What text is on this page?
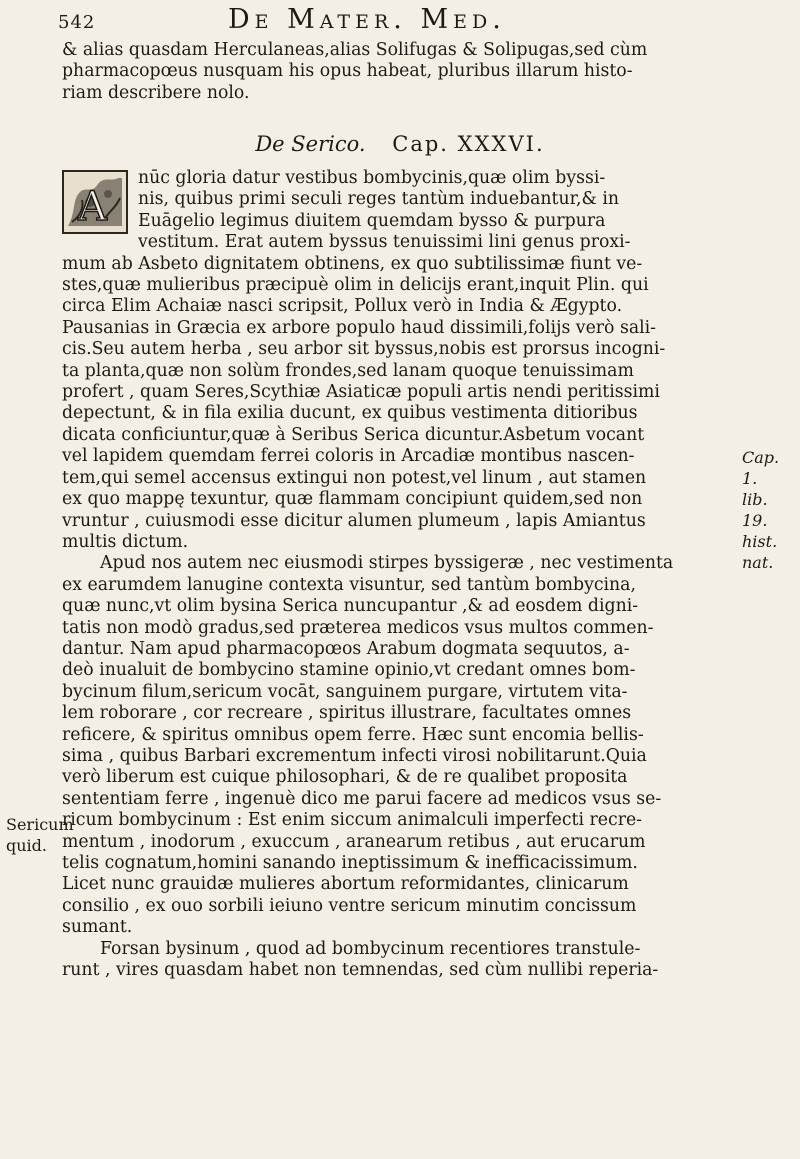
542	De Mater. Med.
& alias quasdam Herculaneas,alias Solifugas & Solipugas,sed cùm
pharmacopœus nusquam his opus habeat, pluribus illarum histo-
riam describere nolo.
De Serico. Cap. XXXVI.
A
nūc gloria datur vestibus bombycinis,quæ olim byssi-
nis, quibus primi seculi reges tantùm induebantur,& in
Euāgelio legimus diuitem quemdam bysso & purpura
vestitum. Erat autem byssus tenuissimi lini genus proxi-
mum ab Asbeto dignitatem obtinens, ex quo subtilissimæ fiunt ve-
stes,quæ mulieribus præcipuè olim in delicijs erant,inquit Plin. qui
circa Elim Achaiæ nasci scripsit, Pollux verò in India & Ægypto.
Pausanias in Græcia ex arbore populo haud dissimili,folijs verò sali-
cis.Seu autem herba , seu arbor sit byssus,nobis est prorsus incogni-
ta planta,quæ non solùm frondes,sed lanam quoque tenuissimam
profert , quam Seres,Scythiæ Asiaticæ populi artis nendi peritissimi
depectunt, & in fila exilia ducunt, ex quibus vestimenta ditioribus
dicata conficiuntur,quæ à Seribus Serica dicuntur.Asbetum vocant
vel lapidem quemdam ferrei coloris in Arcadiæ montibus nascen-
tem,qui semel accensus extingui non potest,vel linum , aut stamen
ex quo mappę texuntur, quæ flammam concipiunt quidem,sed non
vruntur , cuiusmodi esse dicitur alumen plumeum , lapis Amiantus
multis dictum.
Apud nos autem nec eiusmodi stirpes byssigeræ , nec vestimenta
ex earumdem lanugine contexta visuntur, sed tantùm bombycina,
quæ nunc,vt olim bysina Serica nuncupantur ,& ad eosdem digni-
tatis non modò gradus,sed præterea medicos vsus multos commen-
dantur. Nam apud pharmacopœos Arabum dogmata sequutos, a-
deò inualuit de bombycino stamine opinio,vt credant omnes bom-
bycinum filum,sericum vocāt, sanguinem purgare, virtutem vita-
lem roborare , cor recreare , spiritus illustrare, facultates omnes
reficere, & spiritus omnibus opem ferre. Hæc sunt encomia bellis-
sima , quibus Barbari excrementum infecti virosi nobilitarunt.Quia
verò liberum est cuique philosophari, & de re qualibet proposita
sententiam ferre , ingenuè dico me parui facere ad medicos vsus se-
ricum bombycinum : Est enim siccum animalculi imperfecti recre-
mentum , inodorum , exuccum , aranearum retibus , aut erucarum
telis cognatum,homini sanando ineptissimum & inefficacissimum.
Licet nunc grauidæ mulieres abortum reformidantes, clinicarum
consilio , ex ouo sorbili ieiuno ventre sericum minutim concissum
sumant.
Forsan bysinum , quod ad bombycinum recentiores transtule-
runt , vires quasdam habet non temnendas, sed cùm nullibi reperia-
Cap. 1.
lib. 19.
hist.
nat.
Sericum
quid.
